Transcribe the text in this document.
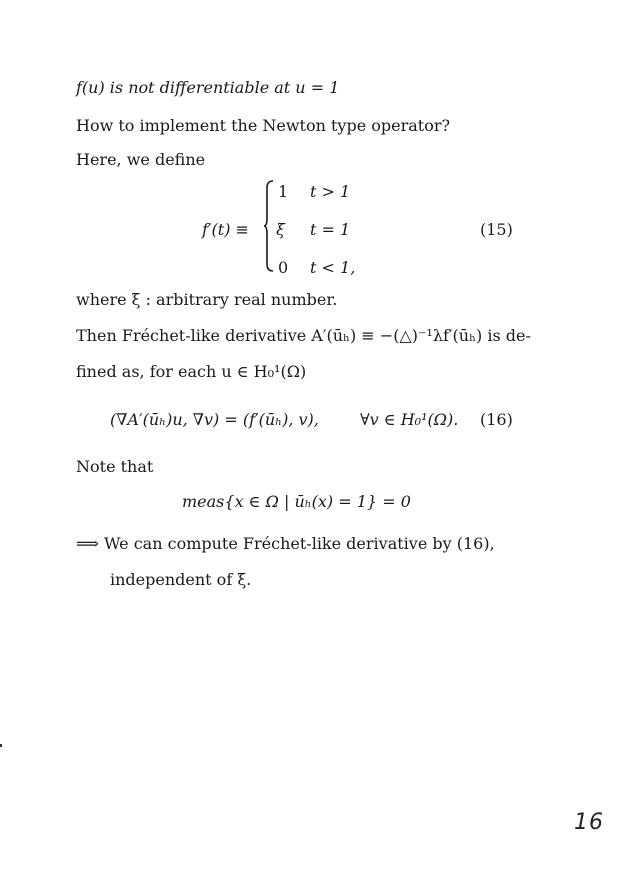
f(u) is not differentiable at u = 1
How to implement the Newton type operator?
Here, we define
f′(t) ≡
1 t > 1
ξ t = 1
0 t < 1,
(15)
where ξ : arbitrary real number.
Then Fréchet-like derivative A′(ūₕ) ≡ −(△)⁻¹λf′(ūₕ) is de-
fined as, for each u ∈ H₀¹(Ω)
(∇A′(ūₕ)u, ∇v) = (f′(ūₕ), v),	∀v ∈ H₀¹(Ω). (16)
Note that
meas{x ∈ Ω | ūₕ(x) = 1} = 0
⟹ We can compute Fréchet-like derivative by (16),
independent of ξ.
16
